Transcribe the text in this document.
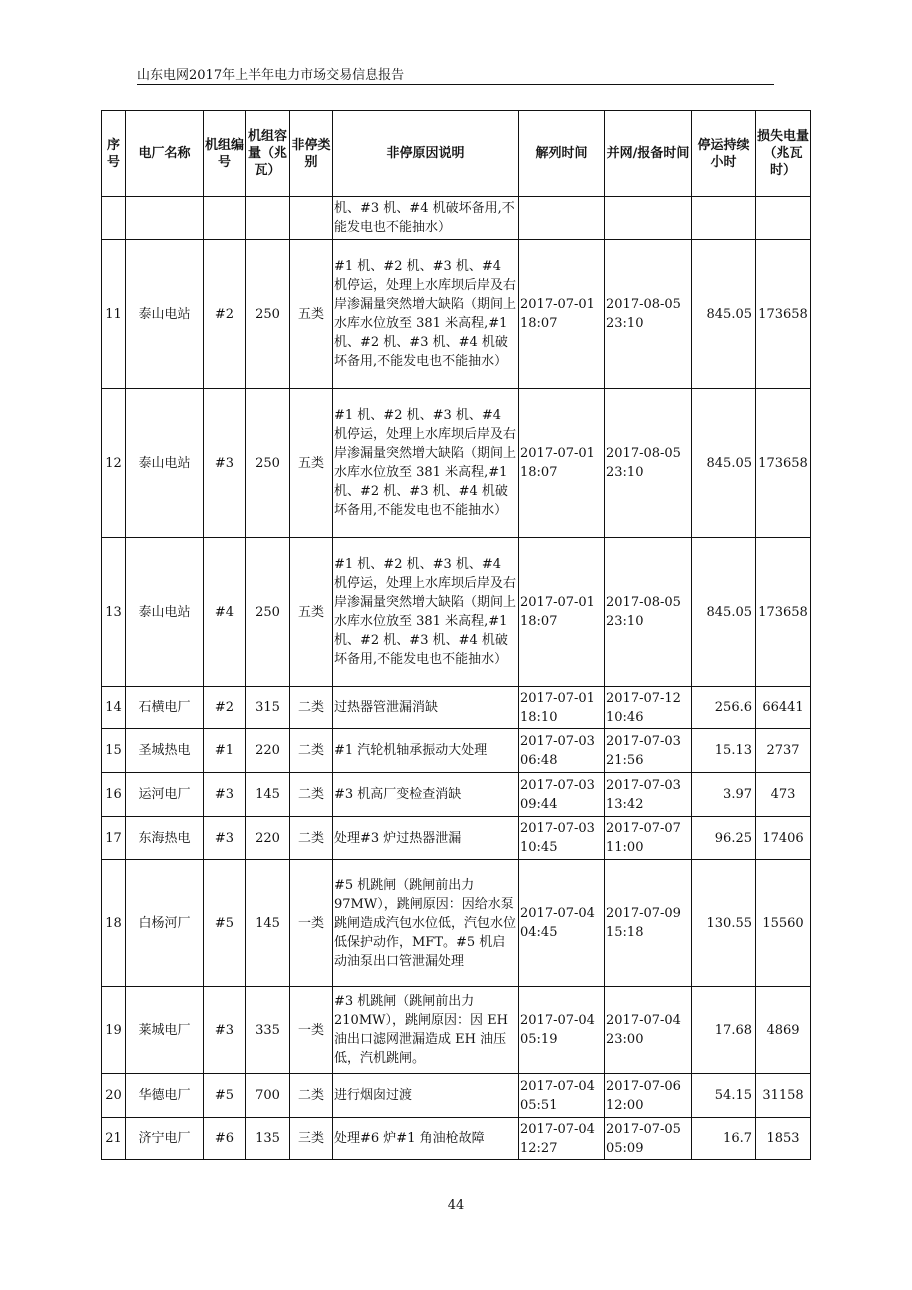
山东电网2017年上半年电力市场交易信息报告
序号	电厂名称	机组编号	机组容量（兆瓦）	非停类别	非停原因说明	解列时间	并网/报备时间	停运持续小时	损失电量（兆瓦时）
					机、#3 机、#4 机破坏备用,不能发电也不能抽水）				
11	泰山电站	#2	250	五类	#1 机、#2 机、#3 机、#4 机停运，处理上水库坝后岸及右岸渗漏量突然增大缺陷（期间上水库水位放至 381 米高程,#1 机、#2 机、#3 机、#4 机破坏备用,不能发电也不能抽水）	2017-07-01 18:07	2017-08-05 23:10	845.05	173658
12	泰山电站	#3	250	五类	#1 机、#2 机、#3 机、#4 机停运，处理上水库坝后岸及右岸渗漏量突然增大缺陷（期间上水库水位放至 381 米高程,#1 机、#2 机、#3 机、#4 机破坏备用,不能发电也不能抽水）	2017-07-01 18:07	2017-08-05 23:10	845.05	173658
13	泰山电站	#4	250	五类	#1 机、#2 机、#3 机、#4 机停运，处理上水库坝后岸及右岸渗漏量突然增大缺陷（期间上水库水位放至 381 米高程,#1 机、#2 机、#3 机、#4 机破坏备用,不能发电也不能抽水）	2017-07-01 18:07	2017-08-05 23:10	845.05	173658
14	石横电厂	#2	315	二类	过热器管泄漏消缺	2017-07-01 18:10	2017-07-12 10:46	256.6	66441
15	圣城热电	#1	220	二类	#1 汽轮机轴承振动大处理	2017-07-03 06:48	2017-07-03 21:56	15.13	2737
16	运河电厂	#3	145	二类	#3 机高厂变检查消缺	2017-07-03 09:44	2017-07-03 13:42	3.97	473
17	东海热电	#3	220	二类	处理#3 炉过热器泄漏	2017-07-03 10:45	2017-07-07 11:00	96.25	17406
18	白杨河厂	#5	145	一类	#5 机跳闸（跳闸前出力 97MW），跳闸原因：因给水泵跳闸造成汽包水位低，汽包水位低保护动作，MFT。#5 机启动油泵出口管泄漏处理	2017-07-04 04:45	2017-07-09 15:18	130.55	15560
19	莱城电厂	#3	335	一类	#3 机跳闸（跳闸前出力 210MW），跳闸原因：因 EH 油出口滤网泄漏造成 EH 油压低，汽机跳闸。	2017-07-04 05:19	2017-07-04 23:00	17.68	4869
20	华德电厂	#5	700	二类	进行烟囱过渡	2017-07-04 05:51	2017-07-06 12:00	54.15	31158
21	济宁电厂	#6	135	三类	处理#6 炉#1 角油枪故障	2017-07-04 12:27	2017-07-05 05:09	16.7	1853
44
